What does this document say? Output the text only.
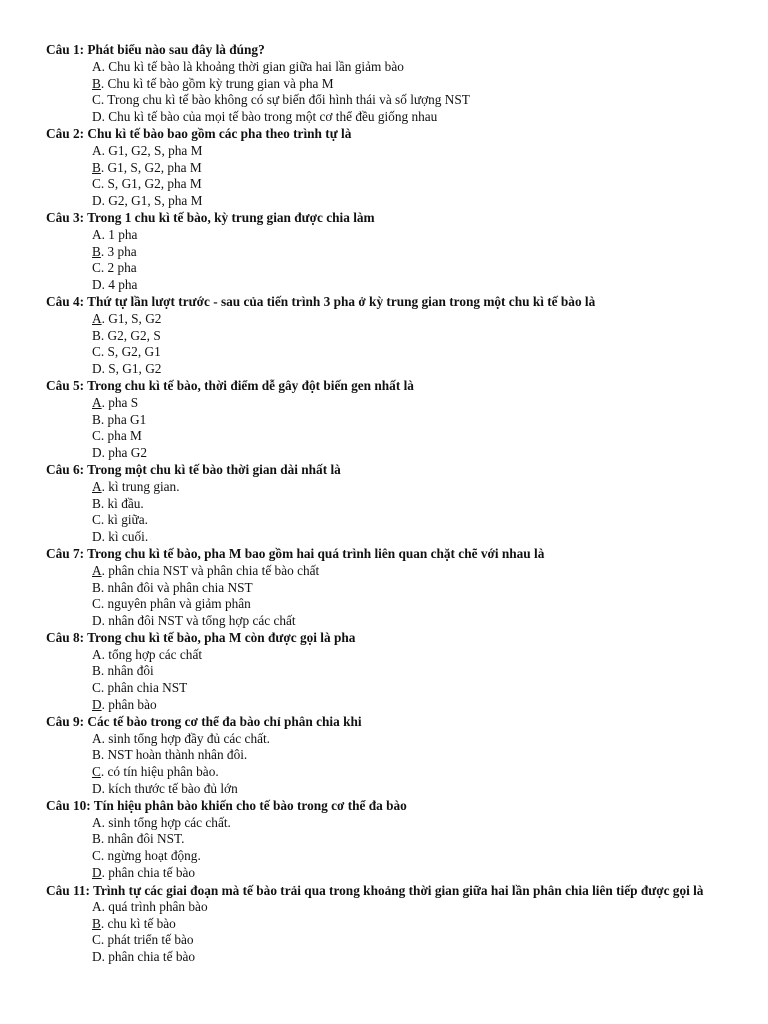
Câu 1: Phát biểu nào sau đây là đúng?

A. Chu kì tế bào là khoảng thời gian giữa hai lần giảm bào
B. Chu kì tế bào gồm kỳ trung gian và pha M
C. Trong chu kì tế bào không có sự biến đổi hình thái và số lượng NST
D. Chu kì tế bào của mọi tế bào trong một cơ thể đều giống nhau

Câu 2: Chu kì tế bào bao gồm các pha theo trình tự là

A. G1, G2, S, pha M
B. G1, S, G2, pha M
C. S, G1, G2, pha M
D. G2, G1, S, pha M

Câu 3: Trong 1 chu kì tế bào, kỳ trung gian được chia làm

A. 1 pha
B. 3 pha
C. 2 pha
D. 4 pha

Câu 4: Thứ tự lần lượt trước - sau của tiến trình 3 pha ở kỳ trung gian trong một chu kì tế bào là

A. G1, S, G2
B. G2, G2, S
C. S, G2, G1
D. S, G1, G2

Câu 5: Trong chu kì tế bào, thời điểm dễ gây đột biến gen nhất là

A. pha S
B. pha G1
C. pha M
D. pha G2

Câu 6: Trong một chu kì tế bào thời gian dài nhất là

A. kì trung gian.
B. kì đầu.
C. kì giữa.
D. kì cuối.

Câu 7: Trong chu kì tế bào, pha M bao gồm hai quá trình liên quan chặt chẽ với nhau là

A. phân chia NST và phân chia tế bào chất
B. nhân đôi và phân chia NST
C. nguyên phân và giảm phân
D. nhân đôi NST và tổng hợp các chất

Câu 8: Trong chu kì tế bào, pha M còn được gọi là pha

A. tổng hợp các chất
B. nhân đôi
C. phân chia NST
D. phân bào

Câu 9: Các tế bào trong cơ thể đa bào chỉ phân chia khi

A. sinh tổng hợp đầy đủ các chất.
B. NST hoàn thành nhân đôi.
C. có tín hiệu phân bào.
D. kích thước tế bào đủ lớn

Câu 10: Tín hiệu phân bào khiến cho tế bào trong cơ thể đa bào

A. sinh tổng hợp các chất.
B. nhân đôi NST.
C. ngừng hoạt động.
D. phân chia tế bào

Câu 11: Trình tự các giai đoạn mà tế bào trải qua trong khoảng thời gian giữa hai lần phân chia liên tiếp được gọi là

A. quá trình phân bào
B. chu kì tế bào
C. phát triển tế bào
D. phân chia tế bào
